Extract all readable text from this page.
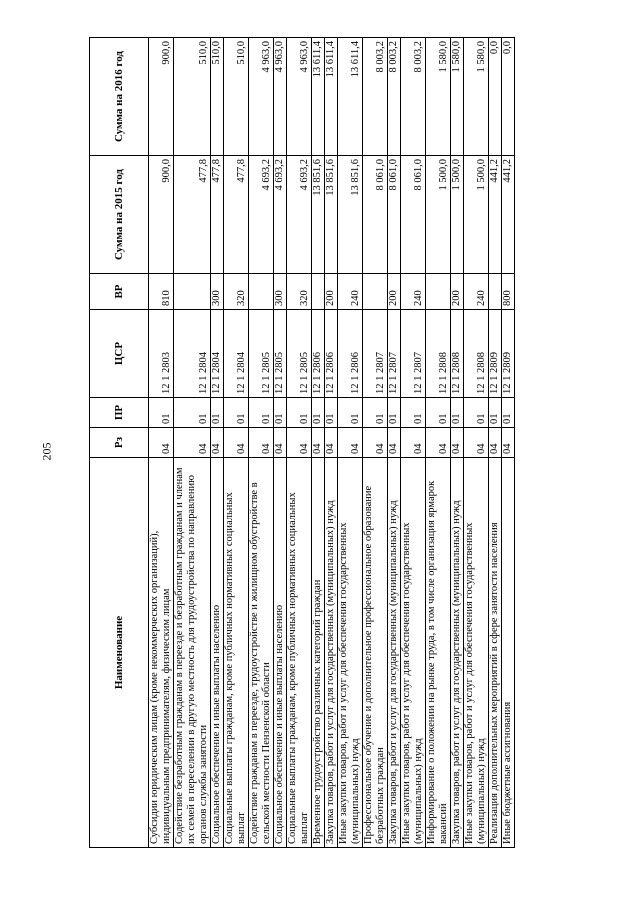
205
Наименование	Рз	ПР	ЦСР	ВР	Сумма на 2015 год	Сумма на 2016 год
Субсидии юридическим лицам (кроме некоммерческих организаций), индивидуальным предпринимателям, физическим лицам	04	01	12 1 2803	810	900,0	900,0
Содействие безработным гражданам в переезде и безработным гражданам и членам их семей в переселении в другую местность для трудоустройства по направлению органов службы занятости	04	01	12 1 2804		477,8	510,0
Социальное обеспечение и иные выплаты населению	04	01	12 1 2804	300	477,8	510,0
Социальные выплаты гражданам, кроме публичных нормативных социальных выплат	04	01	12 1 2804	320	477,8	510,0
Содействие гражданам в переезде, трудоустройстве и жилищном обустройстве в сельской местности Пензенской области	04	01	12 1 2805		4 693,2	4 963,0
Социальное обеспечение и иные выплаты населению	04	01	12 1 2805	300	4 693,2	4 963,0
Социальные выплаты гражданам, кроме публичных нормативных социальных выплат	04	01	12 1 2805	320	4 693,2	4 963,0
Временное трудоустройство различных категорий граждан	04	01	12 1 2806		13 851,6	13 611,4
Закупка товаров, работ и услуг для государственных (муниципальных) нужд	04	01	12 1 2806	200	13 851,6	13 611,4
Иные закупки товаров, работ и услуг для обеспечения государственных (муниципальных) нужд	04	01	12 1 2806	240	13 851,6	13 611,4
Профессиональное обучение и дополнительное профессиональное образование безработных граждан	04	01	12 1 2807		8 061,0	8 003,2
Закупка товаров, работ и услуг для государственных (муниципальных) нужд	04	01	12 1 2807	200	8 061,0	8 003,2
Иные закупки товаров, работ и услуг для обеспечения государственных (муниципальных) нужд	04	01	12 1 2807	240	8 061,0	8 003,2
Информирование о положении на рынке труда, в том числе организация ярмарок вакансий	04	01	12 1 2808		1 500,0	1 580,0
Закупка товаров, работ и услуг для государственных (муниципальных) нужд	04	01	12 1 2808	200	1 500,0	1 580,0
Иные закупки товаров, работ и услуг для обеспечения государственных (муниципальных) нужд	04	01	12 1 2808	240	1 500,0	1 580,0
Реализация дополнительных мероприятий в сфере занятости населения	04	01	12 1 2809		441,2	0,0
Иные бюджетные ассигнования	04	01	12 1 2809	800	441,2	0,0
